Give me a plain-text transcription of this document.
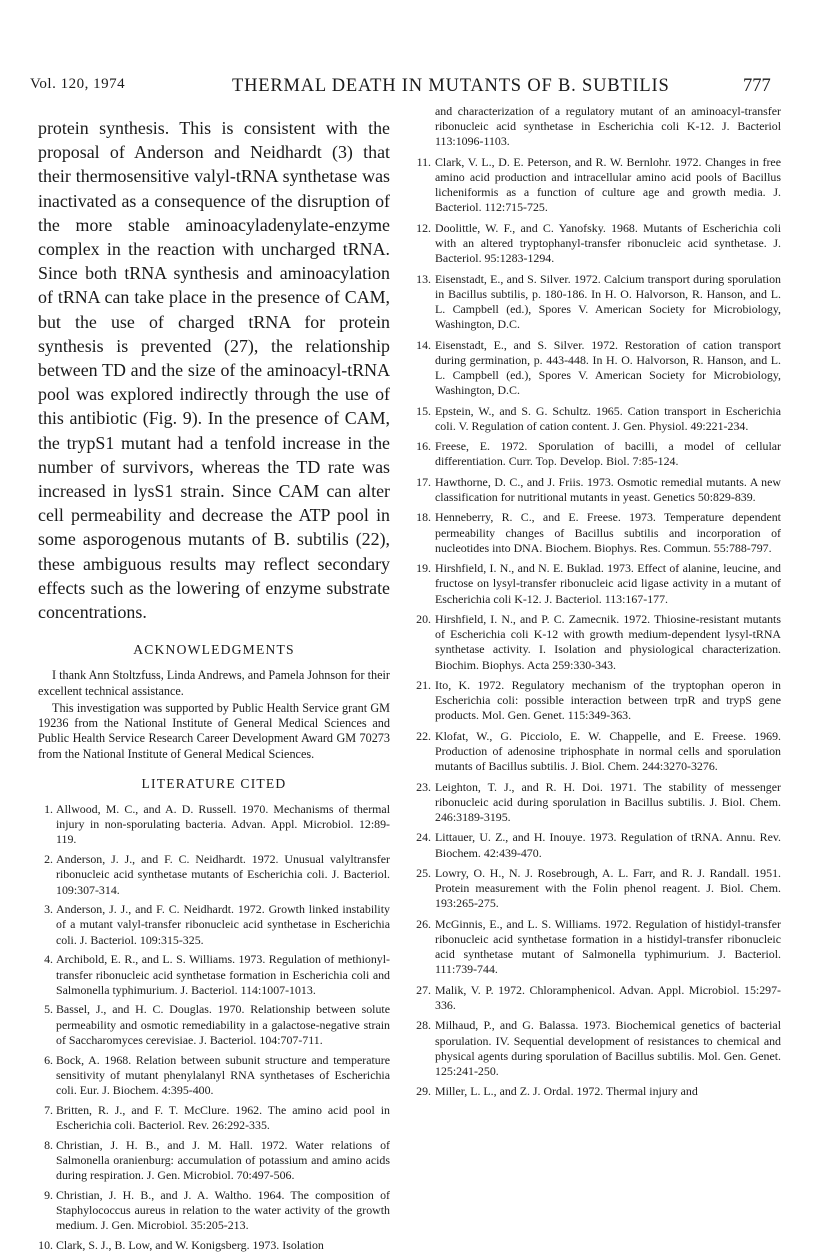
Vol. 120, 1974	THERMAL DEATH IN MUTANTS OF B. SUBTILIS	777

protein synthesis. This is consistent with the proposal of Anderson and Neidhardt (3) that their thermosensitive valyl-tRNA synthetase was inactivated as a consequence of the disruption of the more stable aminoacyladenylate-enzyme complex in the reaction with uncharged tRNA. Since both tRNA synthesis and aminoacylation of tRNA can take place in the presence of CAM, but the use of charged tRNA for protein synthesis is prevented (27), the relationship between TD and the size of the aminoacyl-tRNA pool was explored indirectly through the use of this antibiotic (Fig. 9). In the presence of CAM, the trypS1 mutant had a tenfold increase in the number of survivors, whereas the TD rate was increased in lysS1 strain. Since CAM can alter cell permeability and decrease the ATP pool in some asporogenous mutants of B. subtilis (22), these ambiguous results may reflect secondary effects such as the lowering of enzyme substrate concentrations.

ACKNOWLEDGMENTS

I thank Ann Stoltzfuss, Linda Andrews, and Pamela Johnson for their excellent technical assistance.

This investigation was supported by Public Health Service grant GM 19236 from the National Institute of General Medical Sciences and Public Health Service Research Career Development Award GM 70273 from the National Institute of General Medical Sciences.

LITERATURE CITED
1. Allwood, M. C., and A. D. Russell. 1970. Mechanisms of thermal injury in non-sporulating bacteria. Advan. Appl. Microbiol. 12:89-119.
2. Anderson, J. J., and F. C. Neidhardt. 1972. Unusual valyltransfer ribonucleic acid synthetase mutants of Escherichia coli. J. Bacteriol. 109:307-314.
3. Anderson, J. J., and F. C. Neidhardt. 1972. Growth linked instability of a mutant valyl-transfer ribonucleic acid synthetase in Escherichia coli. J. Bacteriol. 109:315-325.
4. Archibold, E. R., and L. S. Williams. 1973. Regulation of methionyl-transfer ribonucleic acid synthetase formation in Escherichia coli and Salmonella typhimurium. J. Bacteriol. 114:1007-1013.
5. Bassel, J., and H. C. Douglas. 1970. Relationship between solute permeability and osmotic remediability in a galactose-negative strain of Saccharomyces cerevisiae. J. Bacteriol. 104:707-711.
6. Bock, A. 1968. Relation between subunit structure and temperature sensitivity of mutant phenylalanyl RNA synthetases of Escherichia coli. Eur. J. Biochem. 4:395-400.
7. Britten, R. J., and F. T. McClure. 1962. The amino acid pool in Escherichia coli. Bacteriol. Rev. 26:292-335.
8. Christian, J. H. B., and J. M. Hall. 1972. Water relations of Salmonella oranienburg: accumulation of potassium and amino acids during respiration. J. Gen. Microbiol. 70:497-506.
9. Christian, J. H. B., and J. A. Waltho. 1964. The composition of Staphylococcus aureus in relation to the water activity of the growth medium. J. Gen. Microbiol. 35:205-213.
10. Clark, S. J., B. Low, and W. Konigsberg. 1973. Isolation
and characterization of a regulatory mutant of an aminoacyl-transfer ribonucleic acid synthetase in Escherichia coli K-12. J. Bacteriol 113:1096-1103.
11. Clark, V. L., D. E. Peterson, and R. W. Bernlohr. 1972. Changes in free amino acid production and intracellular amino acid pools of Bacillus licheniformis as a function of culture age and growth media. J. Bacteriol. 112:715-725.
12. Doolittle, W. F., and C. Yanofsky. 1968. Mutants of Escherichia coli with an altered tryptophanyl-transfer ribonucleic acid synthetase. J. Bacteriol. 95:1283-1294.
13. Eisenstadt, E., and S. Silver. 1972. Calcium transport during sporulation in Bacillus subtilis, p. 180-186. In H. O. Halvorson, R. Hanson, and L. L. Campbell (ed.), Spores V. American Society for Microbiology, Washington, D.C.
14. Eisenstadt, E., and S. Silver. 1972. Restoration of cation transport during germination, p. 443-448. In H. O. Halvorson, R. Hanson, and L. L. Campbell (ed.), Spores V. American Society for Microbiology, Washington, D.C.
15. Epstein, W., and S. G. Schultz. 1965. Cation transport in Escherichia coli. V. Regulation of cation content. J. Gen. Physiol. 49:221-234.
16. Freese, E. 1972. Sporulation of bacilli, a model of cellular differentiation. Curr. Top. Develop. Biol. 7:85-124.
17. Hawthorne, D. C., and J. Friis. 1973. Osmotic remedial mutants. A new classification for nutritional mutants in yeast. Genetics 50:829-839.
18. Henneberry, R. C., and E. Freese. 1973. Temperature dependent permeability changes of Bacillus subtilis and incorporation of nucleotides into DNA. Biochem. Biophys. Res. Commun. 55:788-797.
19. Hirshfield, I. N., and N. E. Buklad. 1973. Effect of alanine, leucine, and fructose on lysyl-transfer ribonucleic acid ligase activity in a mutant of Escherichia coli K-12. J. Bacteriol. 113:167-177.
20. Hirshfield, I. N., and P. C. Zamecnik. 1972. Thiosine-resistant mutants of Escherichia coli K-12 with growth medium-dependent lysyl-tRNA synthetase activity. I. Isolation and physiological characterization. Biochim. Biophys. Acta 259:330-343.
21. Ito, K. 1972. Regulatory mechanism of the tryptophan operon in Escherichia coli: possible interaction between trpR and trypS gene products. Mol. Gen. Genet. 115:349-363.
22. Klofat, W., G. Picciolo, E. W. Chappelle, and E. Freese. 1969. Production of adenosine triphosphate in normal cells and sporulation mutants of Bacillus subtilis. J. Biol. Chem. 244:3270-3276.
23. Leighton, T. J., and R. H. Doi. 1971. The stability of messenger ribonucleic acid during sporulation in Bacillus subtilis. J. Biol. Chem. 246:3189-3195.
24. Littauer, U. Z., and H. Inouye. 1973. Regulation of tRNA. Annu. Rev. Biochem. 42:439-470.
25. Lowry, O. H., N. J. Rosebrough, A. L. Farr, and R. J. Randall. 1951. Protein measurement with the Folin phenol reagent. J. Biol. Chem. 193:265-275.
26. McGinnis, E., and L. S. Williams. 1972. Regulation of histidyl-transfer ribonucleic acid synthetase formation in a histidyl-transfer ribonucleic acid synthetase mutant of Salmonella typhimurium. J. Bacteriol. 111:739-744.
27. Malik, V. P. 1972. Chloramphenicol. Advan. Appl. Microbiol. 15:297-336.
28. Milhaud, P., and G. Balassa. 1973. Biochemical genetics of bacterial sporulation. IV. Sequential development of resistances to chemical and physical agents during sporulation of Bacillus subtilis. Mol. Gen. Genet. 125:241-250.
29. Miller, L. L., and Z. J. Ordal. 1972. Thermal injury and
